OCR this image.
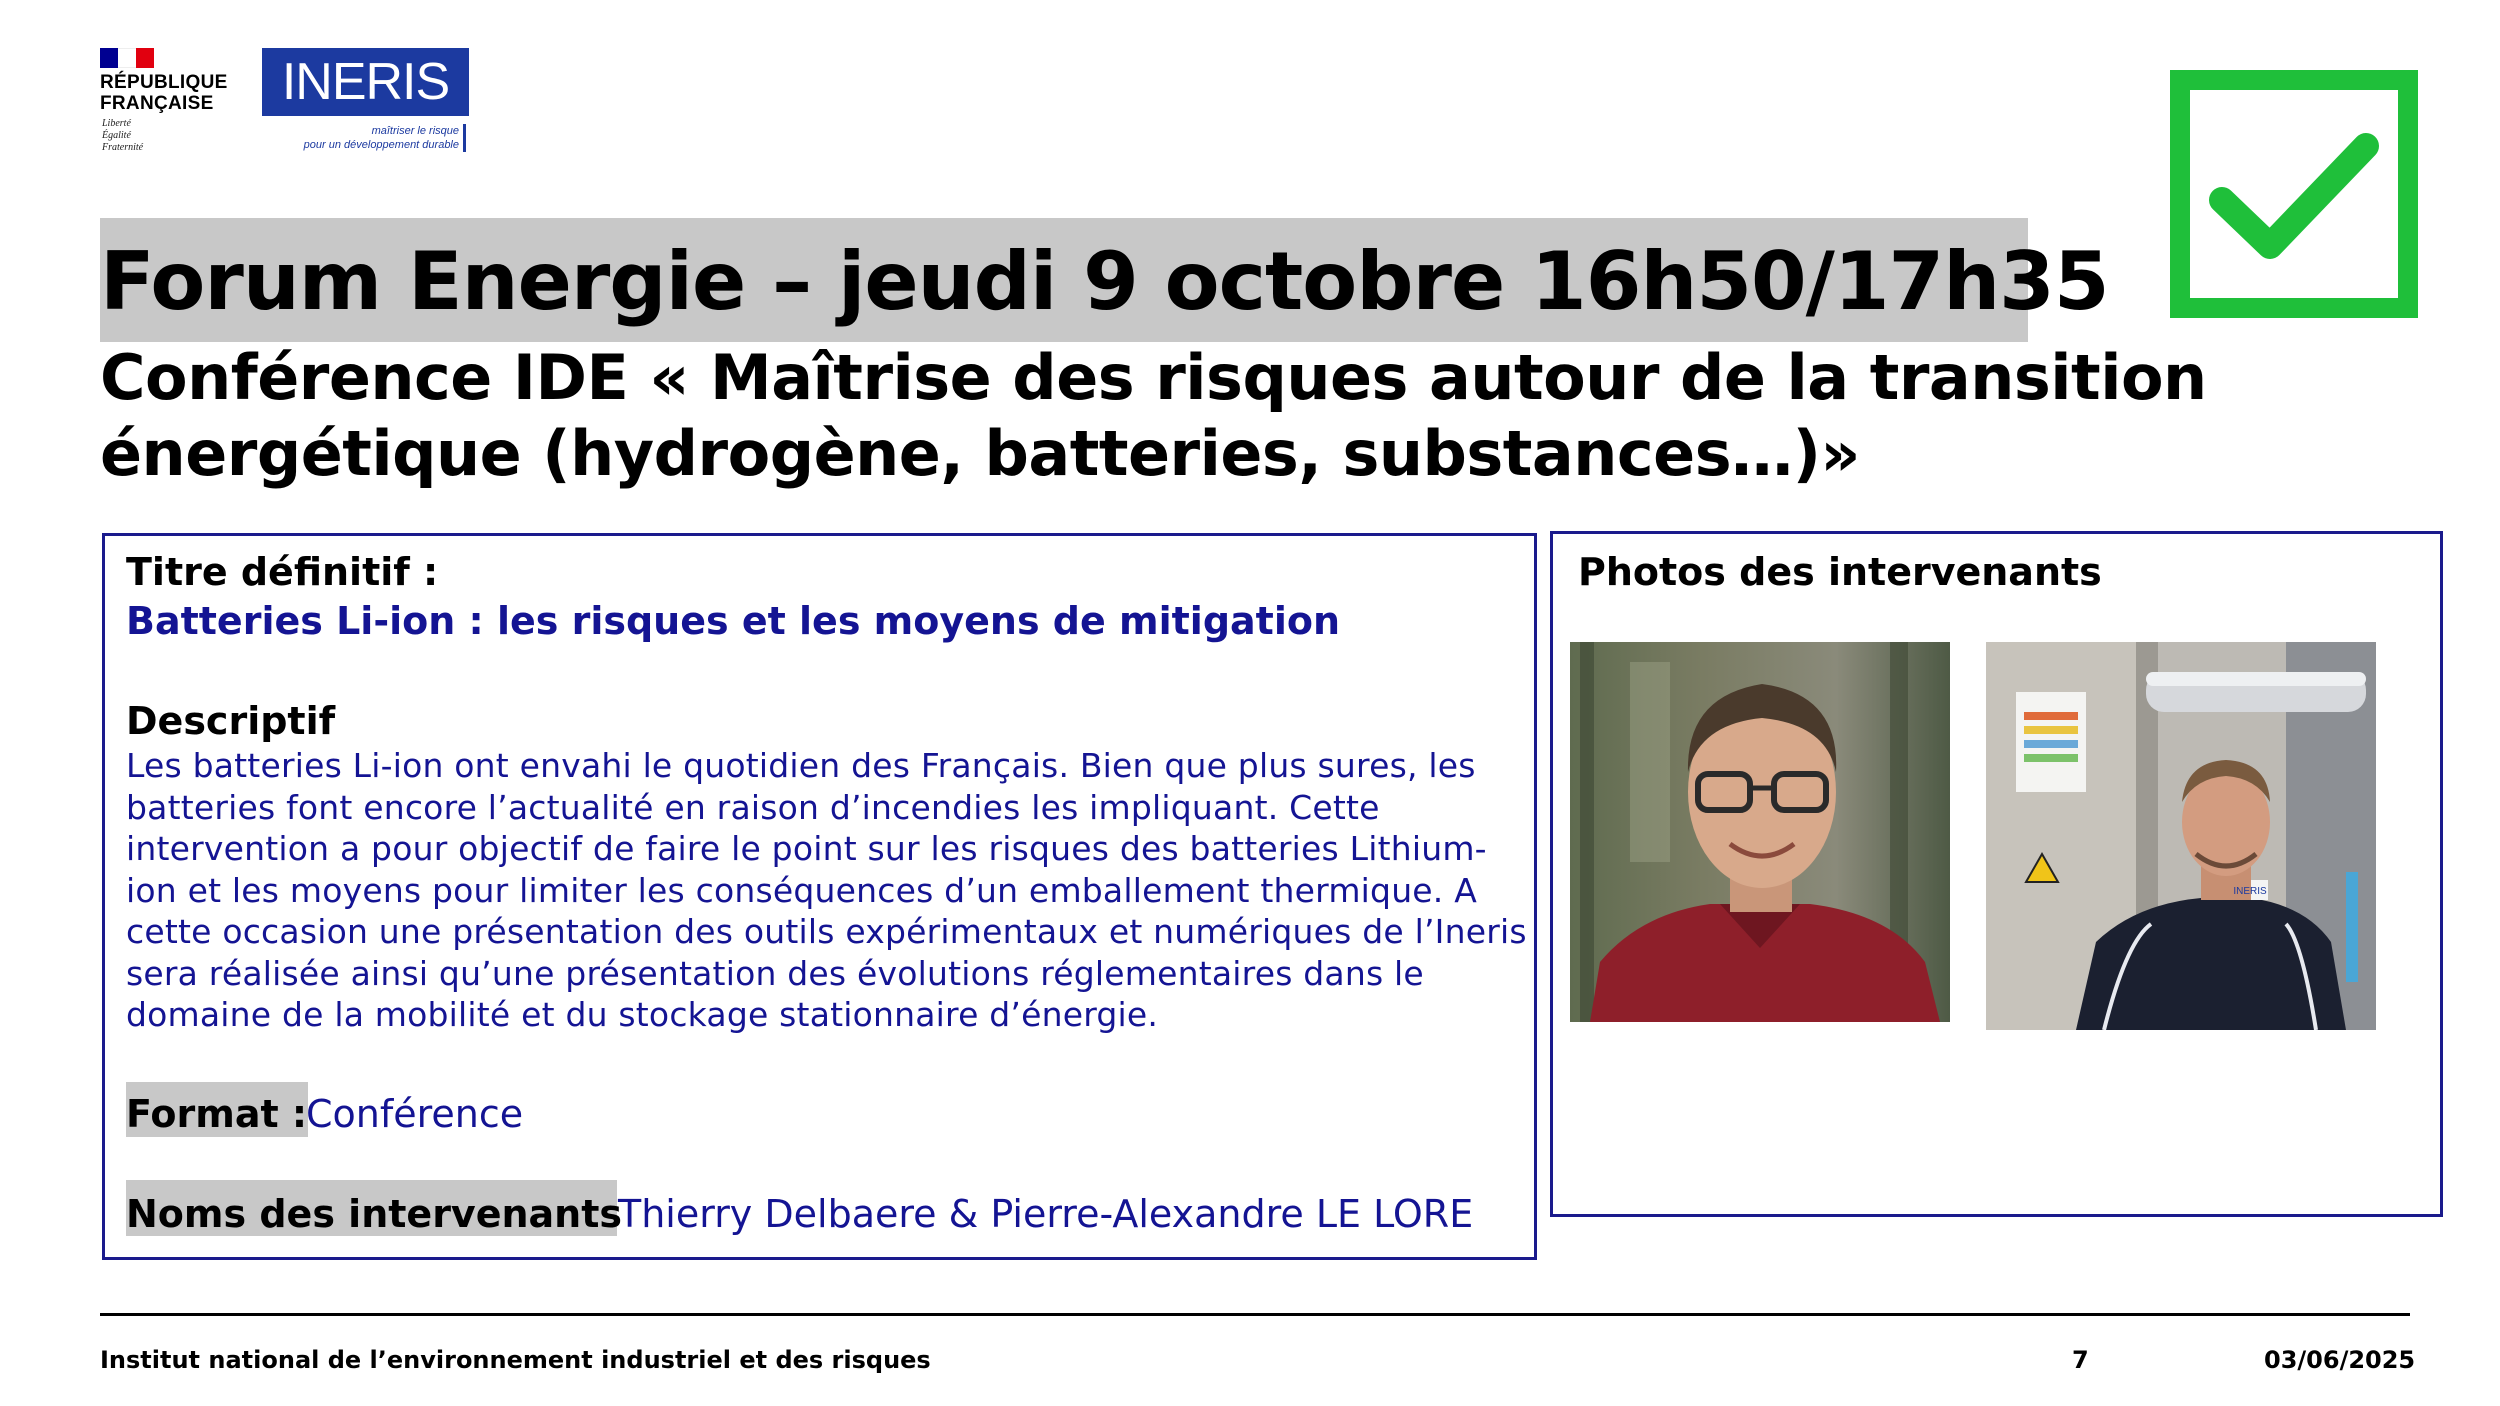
RÉPUBLIQUE
FRANÇAISE
Liberté
Égalité
Fraternité
INERIS
maîtriser le risque
pour un développement durable
Forum Energie – jeudi 9 octobre 16h50/17h35
Conférence IDE « Maîtrise des risques autour de la transition énergétique (hydrogène, batteries, substances…)»
Titre définitif :
Batteries Li-ion : les risques et les moyens de mitigation
Descriptif
Les batteries Li-ion ont envahi le quotidien des Français. Bien que plus sures, les batteries font encore l’actualité en raison d’incendies les impliquant. Cette intervention a pour objectif de faire le point sur les risques des batteries Lithium-ion et les moyens pour limiter les conséquences d’un emballement thermique. A cette occasion une présentation des outils expérimentaux et numériques de l’Ineris sera réalisée ainsi qu’une présentation des évolutions réglementaires dans le domaine de la mobilité et du stockage stationnaire d’énergie.
Format :
Conférence
Noms des intervenants
Thierry Delbaere & Pierre-Alexandre LE LORE
Photos des intervenants
INERIS
Institut national de l’environnement industriel et des risques	7	03/06/2025
